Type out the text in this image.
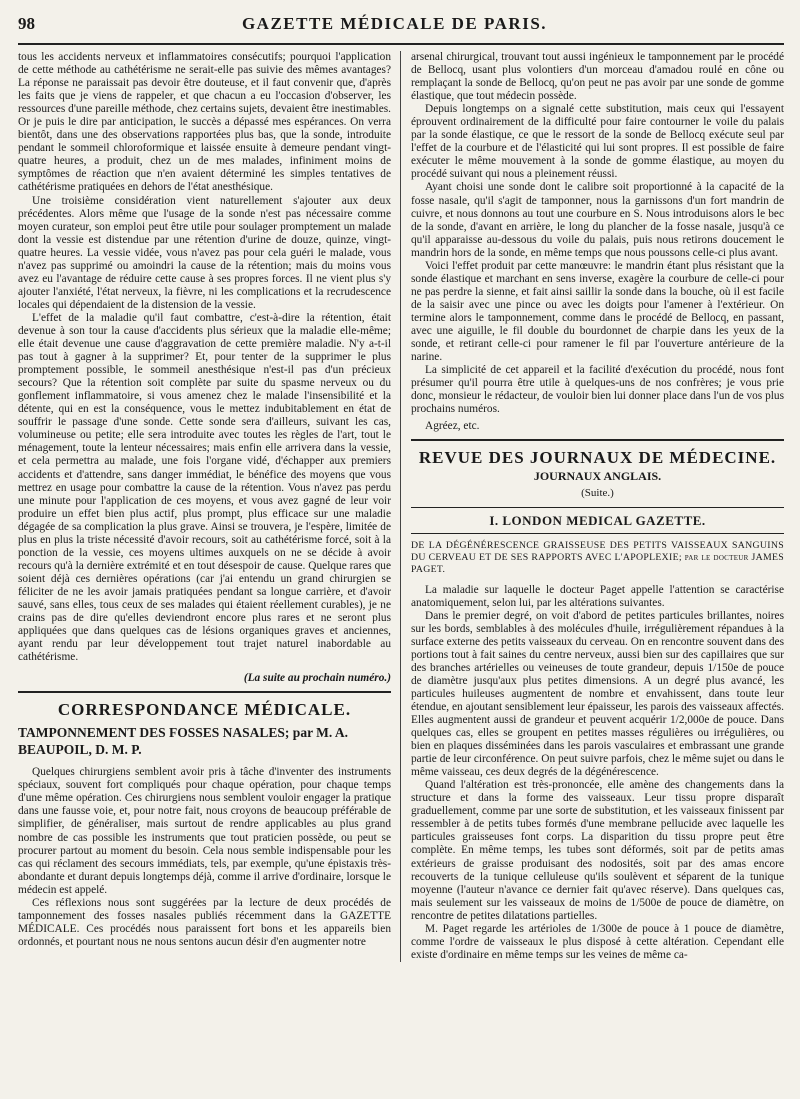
98	GAZETTE MÉDICALE DE PARIS.

tous les accidents nerveux et inflammatoires consécutifs; pourquoi l'application de cette méthode au cathétérisme ne serait-elle pas suivie des mêmes avantages? La réponse ne paraissait pas devoir être douteuse, et il faut convenir que, d'après les faits que je viens de rappeler, et que chacun a eu l'occasion d'observer, les ressources d'une pareille méthode, chez certains sujets, devaient être inestimables. Or je puis le dire par anticipation, le succès a dépassé mes espérances. On verra bientôt, dans une des observations rapportées plus bas, que la sonde, introduite pendant le sommeil chloroformique et laissée ensuite à demeure pendant vingt-quatre heures, a produit, chez un de mes malades, infiniment moins de symptômes de réaction que n'en avaient déterminé les simples tentatives de cathétérisme pratiquées en dehors de l'état anesthésique.

Une troisième considération vient naturellement s'ajouter aux deux précédentes. Alors même que l'usage de la sonde n'est pas nécessaire comme moyen curateur, son emploi peut être utile pour soulager promptement un malade dont la vessie est distendue par une rétention d'urine de douze, quinze, vingt-quatre heures. La vessie vidée, vous n'avez pas pour cela guéri le malade, vous n'avez pas supprimé ou amoindri la cause de la rétention; mais du moins vous avez eu l'avantage de réduire cette cause à ses propres forces. Il ne vient plus s'y ajouter l'anxiété, l'état nerveux, la fièvre, ni les complications et la recrudescence locales qui dépendaient de la distension de la vessie.

L'effet de la maladie qu'il faut combattre, c'est-à-dire la rétention, était devenue à son tour la cause d'accidents plus sérieux que la maladie elle-même; elle était devenue une cause d'aggravation de cette première maladie. N'y a-t-il pas tout à gagner à la supprimer? Et, pour tenter de la supprimer le plus promptement possible, le sommeil anesthésique n'est-il pas d'un précieux secours? Que la rétention soit complète par suite du spasme nerveux ou du gonflement inflammatoire, si vous amenez chez le malade l'insensibilité et la détente, qui en est la conséquence, vous le mettez indubitablement en état de souffrir le passage d'une sonde. Cette sonde sera d'ailleurs, suivant les cas, volumineuse ou petite; elle sera introduite avec toutes les règles de l'art, tout le ménagement, toute la lenteur nécessaires; mais enfin elle arrivera dans la vessie, et cela permettra au malade, une fois l'organe vidé, d'échapper aux premiers accidents et d'attendre, sans danger immédiat, le bénéfice des moyens que vous mettrez en usage pour combattre la cause de la rétention. Vous n'avez pas perdu une minute pour l'application de ces moyens, et vous avez gagné de leur voir produire un effet bien plus actif, plus prompt, plus efficace sur une maladie dégagée de sa complication la plus grave. Ainsi se trouvera, je l'espère, limitée de plus en plus la triste nécessité d'avoir recours, soit au cathétérisme forcé, soit à la ponction de la vessie, ces moyens ultimes auxquels on ne se décide à avoir recours qu'à la dernière extrémité et en tout désespoir de cause. Quelque rares que soient déjà ces dernières opérations (car j'ai entendu un grand chirurgien se féliciter de ne les avoir jamais pratiquées pendant sa longue carrière, et d'avoir sauvé, sans elles, tous ceux de ses malades qui étaient réellement curables), je ne crains pas de dire qu'elles deviendront encore plus rares et ne seront plus appliquées que dans quelques cas de lésions organiques graves et anciennes, ayant rendu par leur développement tout trajet naturel inabordable au cathétérisme.

(La suite au prochain numéro.)
CORRESPONDANCE MÉDICALE.
TAMPONNEMENT DES FOSSES NASALES; par M. A. BEAUPOIL, D. M. P.

Quelques chirurgiens semblent avoir pris à tâche d'inventer des instruments spéciaux, souvent fort compliqués pour chaque opération, pour chaque temps d'une même opération. Ces chirurgiens nous semblent vouloir engager la pratique dans une fausse voie, et, pour notre fait, nous croyons de beaucoup préférable de simplifier, de généraliser, mais surtout de rendre applicables au plus grand nombre de cas possible les instruments que tout praticien possède, ou peut se procurer partout au moment du besoin. Cela nous semble indispensable pour les cas qui réclament des secours immédiats, tels, par exemple, qu'une épistaxis très-abondante et durant depuis longtemps déjà, comme il arrive d'ordinaire, lorsque le médecin est appelé.

Ces réflexions nous sont suggérées par la lecture de deux procédés de tamponnement des fosses nasales publiés récemment dans la GAZETTE MÉDICALE. Ces procédés nous paraissent fort bons et les appareils bien ordonnés, et pourtant nous ne nous sentons aucun désir d'en augmenter notre

arsenal chirurgical, trouvant tout aussi ingénieux le tamponnement par le procédé de Bellocq, usant plus volontiers d'un morceau d'amadou roulé en cône ou remplaçant la sonde de Bellocq, qu'on peut ne pas avoir par une sonde de gomme élastique, que tout médecin possède.

Depuis longtemps on a signalé cette substitution, mais ceux qui l'essayent éprouvent ordinairement de la difficulté pour faire contourner le voile du palais par la sonde élastique, ce que le ressort de la sonde de Bellocq exécute seul par l'effet de la courbure et de l'élasticité qui lui sont propres. Il est possible de faire exécuter le même mouvement à la sonde de gomme élastique, au moyen du procédé suivant qui nous a pleinement réussi.

Ayant choisi une sonde dont le calibre soit proportionné à la capacité de la fosse nasale, qu'il s'agit de tamponner, nous la garnissons d'un fort mandrin de cuivre, et nous donnons au tout une courbure en S. Nous introduisons alors le bec de la sonde, d'avant en arrière, le long du plancher de la fosse nasale, jusqu'à ce qu'il apparaisse au-dessous du voile du palais, puis nous retirons doucement le mandrin hors de la sonde, en même temps que nous poussons celle-ci plus avant.

Voici l'effet produit par cette manœuvre: le mandrin étant plus résistant que la sonde élastique et marchant en sens inverse, exagère la courbure de celle-ci pour ne pas perdre la sienne, et fait ainsi saillir la sonde dans la bouche, où il est facile de la saisir avec une pince ou avec les doigts pour l'amener à l'extérieur. On termine alors le tamponnement, comme dans le procédé de Bellocq, en passant, avec une aiguille, le fil double du bourdonnet de charpie dans les yeux de la sonde, et retirant celle-ci pour ramener le fil par l'ouverture antérieure de la narine.

La simplicité de cet appareil et la facilité d'exécution du procédé, nous font présumer qu'il pourra être utile à quelques-uns de nos confrères; je vous prie donc, monsieur le rédacteur, de vouloir bien lui donner place dans l'un de vos plus prochains numéros.

Agréez, etc.
REVUE DES JOURNAUX DE MÉDECINE.
JOURNAUX ANGLAIS.
(Suite.)
I. LONDON MEDICAL GAZETTE.
DE LA DÉGÉNÉRESCENCE GRAISSEUSE DES PETITS VAISSEAUX SANGUINS DU CERVEAU ET DE SES RAPPORTS AVEC L'APOPLEXIE; par le docteur JAMES PAGET.

La maladie sur laquelle le docteur Paget appelle l'attention se caractérise anatomiquement, selon lui, par les altérations suivantes.

Dans le premier degré, on voit d'abord de petites particules brillantes, noires sur les bords, semblables à des molécules d'huile, irrégulièrement répandues à la surface externe des petits vaisseaux du cerveau. On en rencontre souvent dans des portions tout à fait saines du centre nerveux, aussi bien sur des capillaires que sur des branches artérielles ou veineuses de toute grandeur, depuis 1/150e de pouce de diamètre jusqu'aux plus petites dimensions. A un degré plus avancé, les particules huileuses augmentent de nombre et envahissent, dans toute leur étendue, en ajoutant sensiblement leur épaisseur, les parois des vaisseaux affectés. Elles augmentent aussi de grandeur et peuvent acquérir 1/2,000e de pouce. Dans quelques cas, elles se groupent en petites masses régulières ou irrégulières, ou bien en plaques disséminées dans les parois vasculaires et embrassant une grande partie de leur circonférence. On peut suivre parfois, chez le même sujet ou dans le même vaisseau, ces deux degrés de la dégénérescence.

Quand l'altération est très-prononcée, elle amène des changements dans la structure et dans la forme des vaisseaux. Leur tissu propre disparaît graduellement, comme par une sorte de substitution, et les vaisseaux finissent par ressembler à de petits tubes formés d'une membrane pellucide avec laquelle les particules graisseuses font corps. La disparition du tissu propre peut être complète. En même temps, les tubes sont déformés, soit par de petits amas extérieurs de graisse produisant des nodosités, soit par des amas encore recouverts de la tunique celluleuse qu'ils soulèvent et séparent de la tunique moyenne (l'auteur n'avance ce dernier fait qu'avec réserve). Dans quelques cas, mais seulement sur les vaisseaux de moins de 1/500e de pouce de diamètre, on rencontre de petites dilatations partielles.

M. Paget regarde les artérioles de 1/300e de pouce à 1 pouce de diamètre, comme l'ordre de vaisseaux le plus disposé à cette altération. Cependant elle existe d'ordinaire en même temps sur les veines de même ca-
